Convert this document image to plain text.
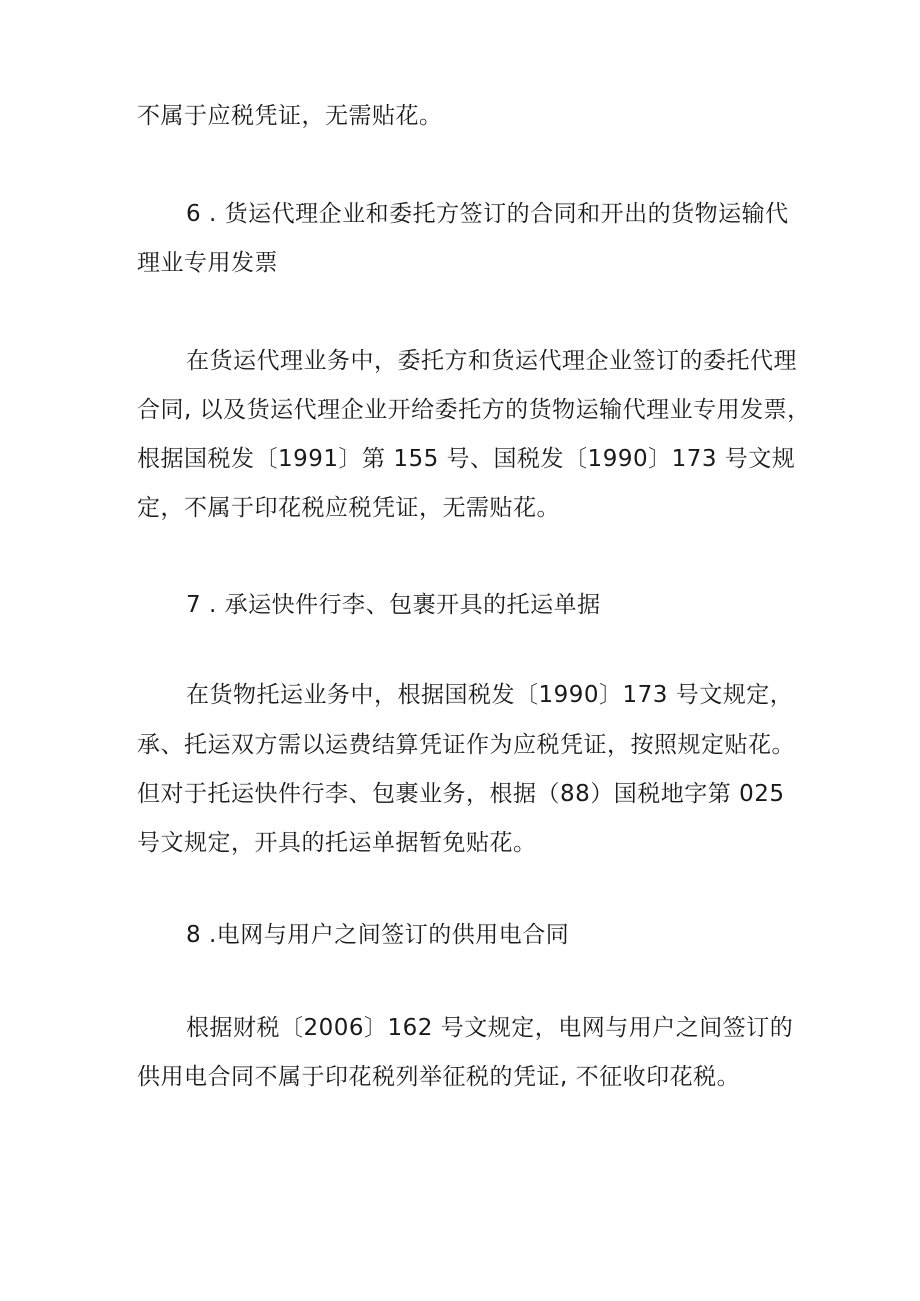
不属于应税凭证，无需贴花。

6 . 货运代理企业和委托方签订的合同和开出的货物运输代

理业专用发票

在货运代理业务中，委托方和货运代理企业签订的委托代理

合同, 以及货运代理企业开给委托方的货物运输代理业专用发票，

根据国税发〔1991〕第 155 号、国税发〔1990〕173 号文规

定，不属于印花税应税凭证，无需贴花。

7 . 承运快件行李、包裹开具的托运单据

在货物托运业务中，根据国税发〔1990〕173 号文规定，

承、托运双方需以运费结算凭证作为应税凭证，按照规定贴花。

但对于托运快件行李、包裹业务，根据（88）国税地字第 025

号文规定，开具的托运单据暂免贴花。

8 .电网与用户之间签订的供用电合同

根据财税〔2006〕162 号文规定，电网与用户之间签订的

供用电合同不属于印花税列举征税的凭证, 不征收印花税。
